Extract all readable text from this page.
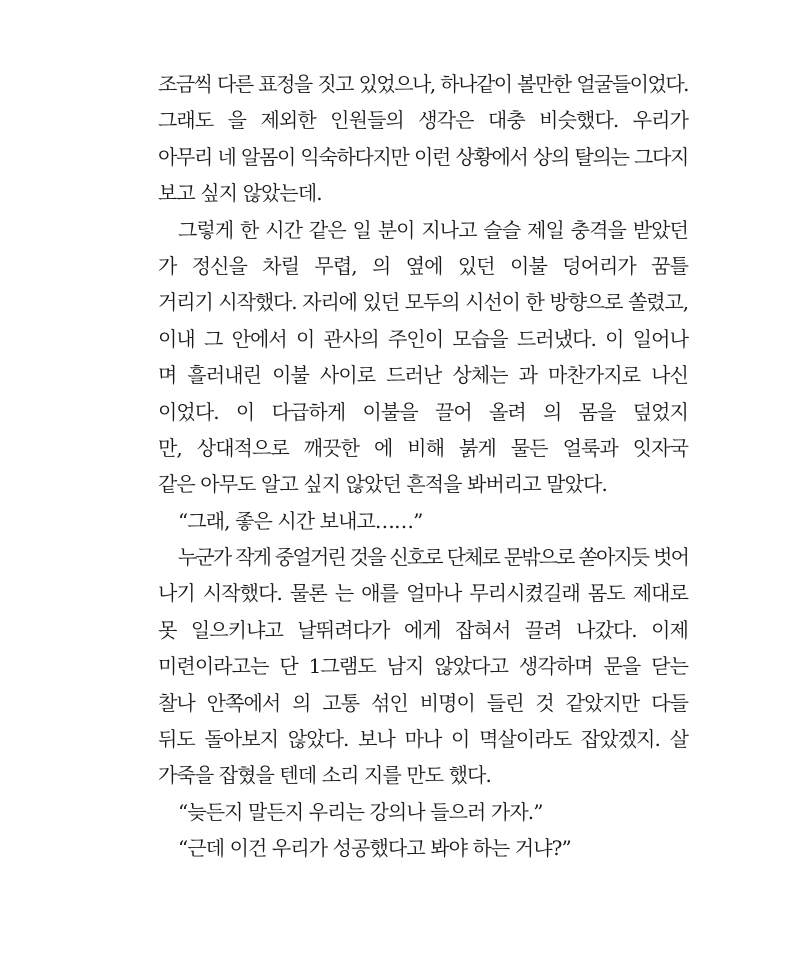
조금씩 다른 표정을 짓고 있었으나, 하나같이 볼만한 얼굴들이었다.
그래도 을 제외한 인원들의 생각은 대충 비슷했다. 우리가
아무리 네 알몸이 익숙하다지만 이런 상황에서 상의 탈의는 그다지
보고 싶지 않았는데.
그렇게 한 시간 같은 일 분이 지나고 슬슬 제일 충격을 받았던
가 정신을 차릴 무렵, 의 옆에 있던 이불 덩어리가 꿈틀
거리기 시작했다. 자리에 있던 모두의 시선이 한 방향으로 쏠렸고,
이내 그 안에서 이 관사의 주인이 모습을 드러냈다. 이 일어나
며 흘러내린 이불 사이로 드러난 상체는 과 마찬가지로 나신
이었다. 이 다급하게 이불을 끌어 올려 의 몸을 덮었지
만, 상대적으로 깨끗한 에 비해 붉게 물든 얼룩과 잇자국
같은 아무도 알고 싶지 않았던 흔적을 봐버리고 말았다.
“그래, 좋은 시간 보내고……”
누군가 작게 중얼거린 것을 신호로 단체로 문밖으로 쏟아지듯 벗어
나기 시작했다. 물론 는 애를 얼마나 무리시켰길래 몸도 제대로
못 일으키냐고 날뛰려다가 에게 잡혀서 끌려 나갔다. 이제
미련이라고는 단 1그램도 남지 않았다고 생각하며 문을 닫는
찰나 안쪽에서 의 고통 섞인 비명이 들린 것 같았지만 다들
뒤도 돌아보지 않았다. 보나 마나 이 멱살이라도 잡았겠지. 살
가죽을 잡혔을 텐데 소리 지를 만도 했다.
“늦든지 말든지 우리는 강의나 들으러 가자.”
“근데 이건 우리가 성공했다고 봐야 하는 거냐?”
